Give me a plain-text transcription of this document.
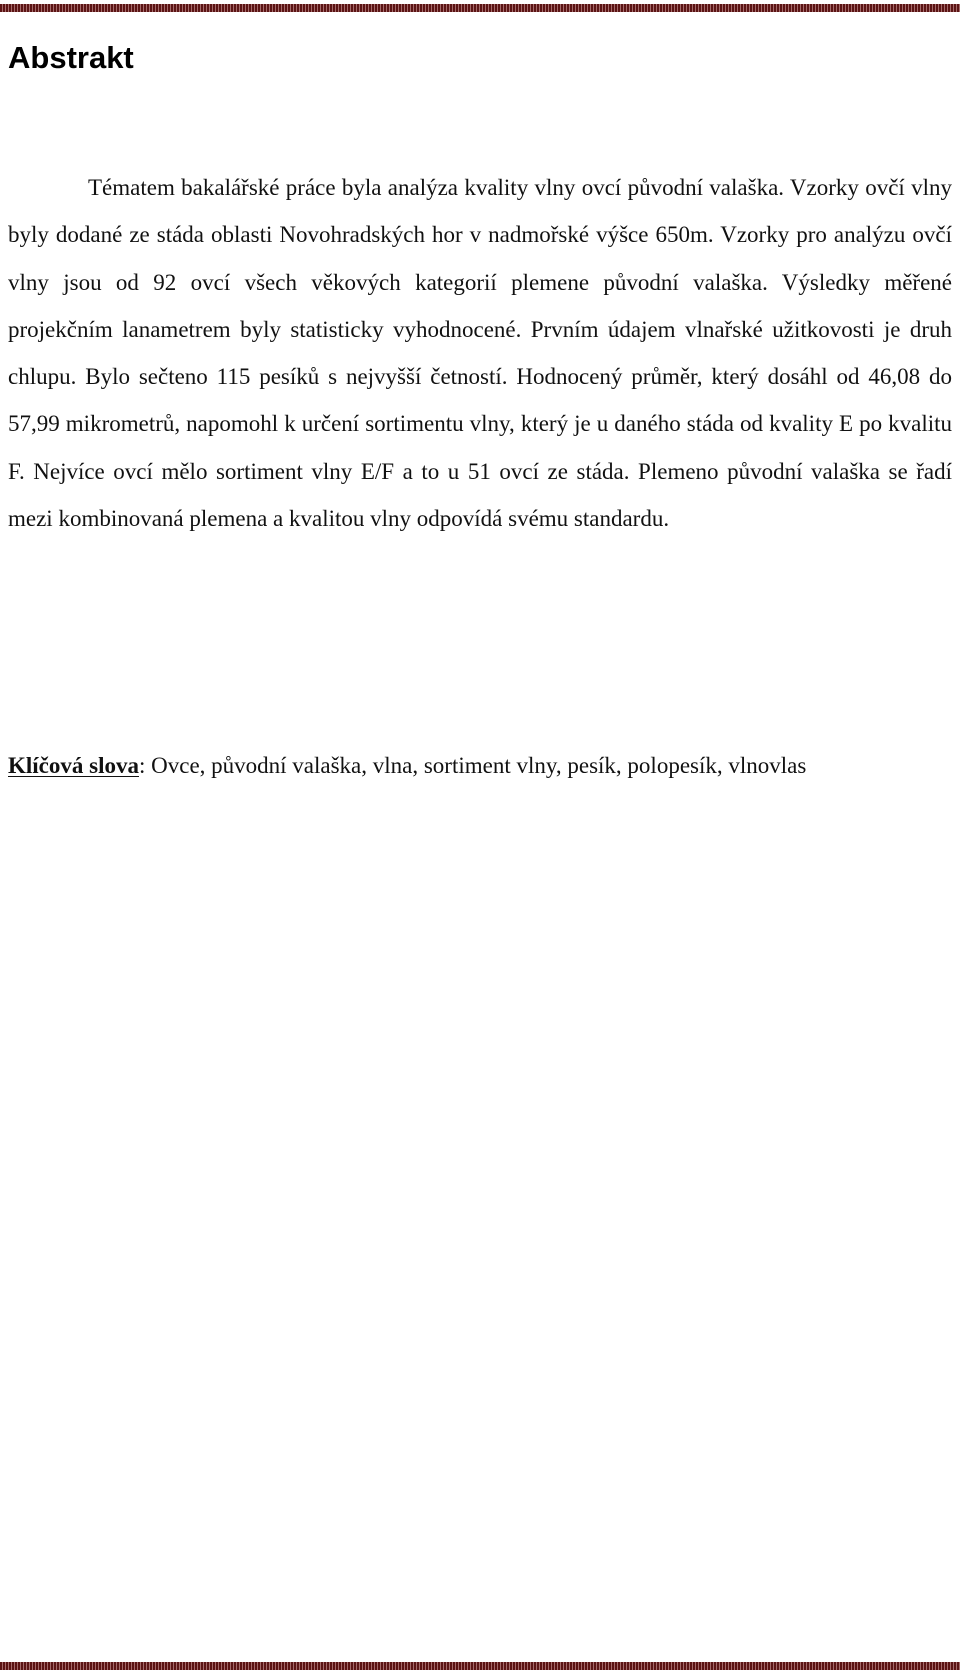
Abstrakt

Tématem bakalářské práce byla analýza kvality vlny ovcí původní valaška. Vzorky ovčí vlny byly dodané ze stáda oblasti Novohradských hor v nadmořské výšce 650m. Vzorky pro analýzu ovčí vlny jsou od 92 ovcí všech věkových kategorií plemene původní valaška. Výsledky měřené projekčním lanametrem byly statisticky vyhodnocené. Prvním údajem vlnařské užitkovosti je druh chlupu. Bylo sečteno 115 pesíků s nejvyšší četností. Hodnocený průměr, který dosáhl od 46,08 do 57,99 mikrometrů, napomohl k určení sortimentu vlny, který je u daného stáda od kvality E po kvalitu F. Nejvíce ovcí mělo sortiment vlny E/F a to u 51 ovcí ze stáda. Plemeno původní valaška se řadí mezi kombinovaná plemena a kvalitou vlny odpovídá svému standardu.

Klíčová slova: Ovce, původní valaška, vlna, sortiment vlny, pesík, polopesík, vlnovlas
